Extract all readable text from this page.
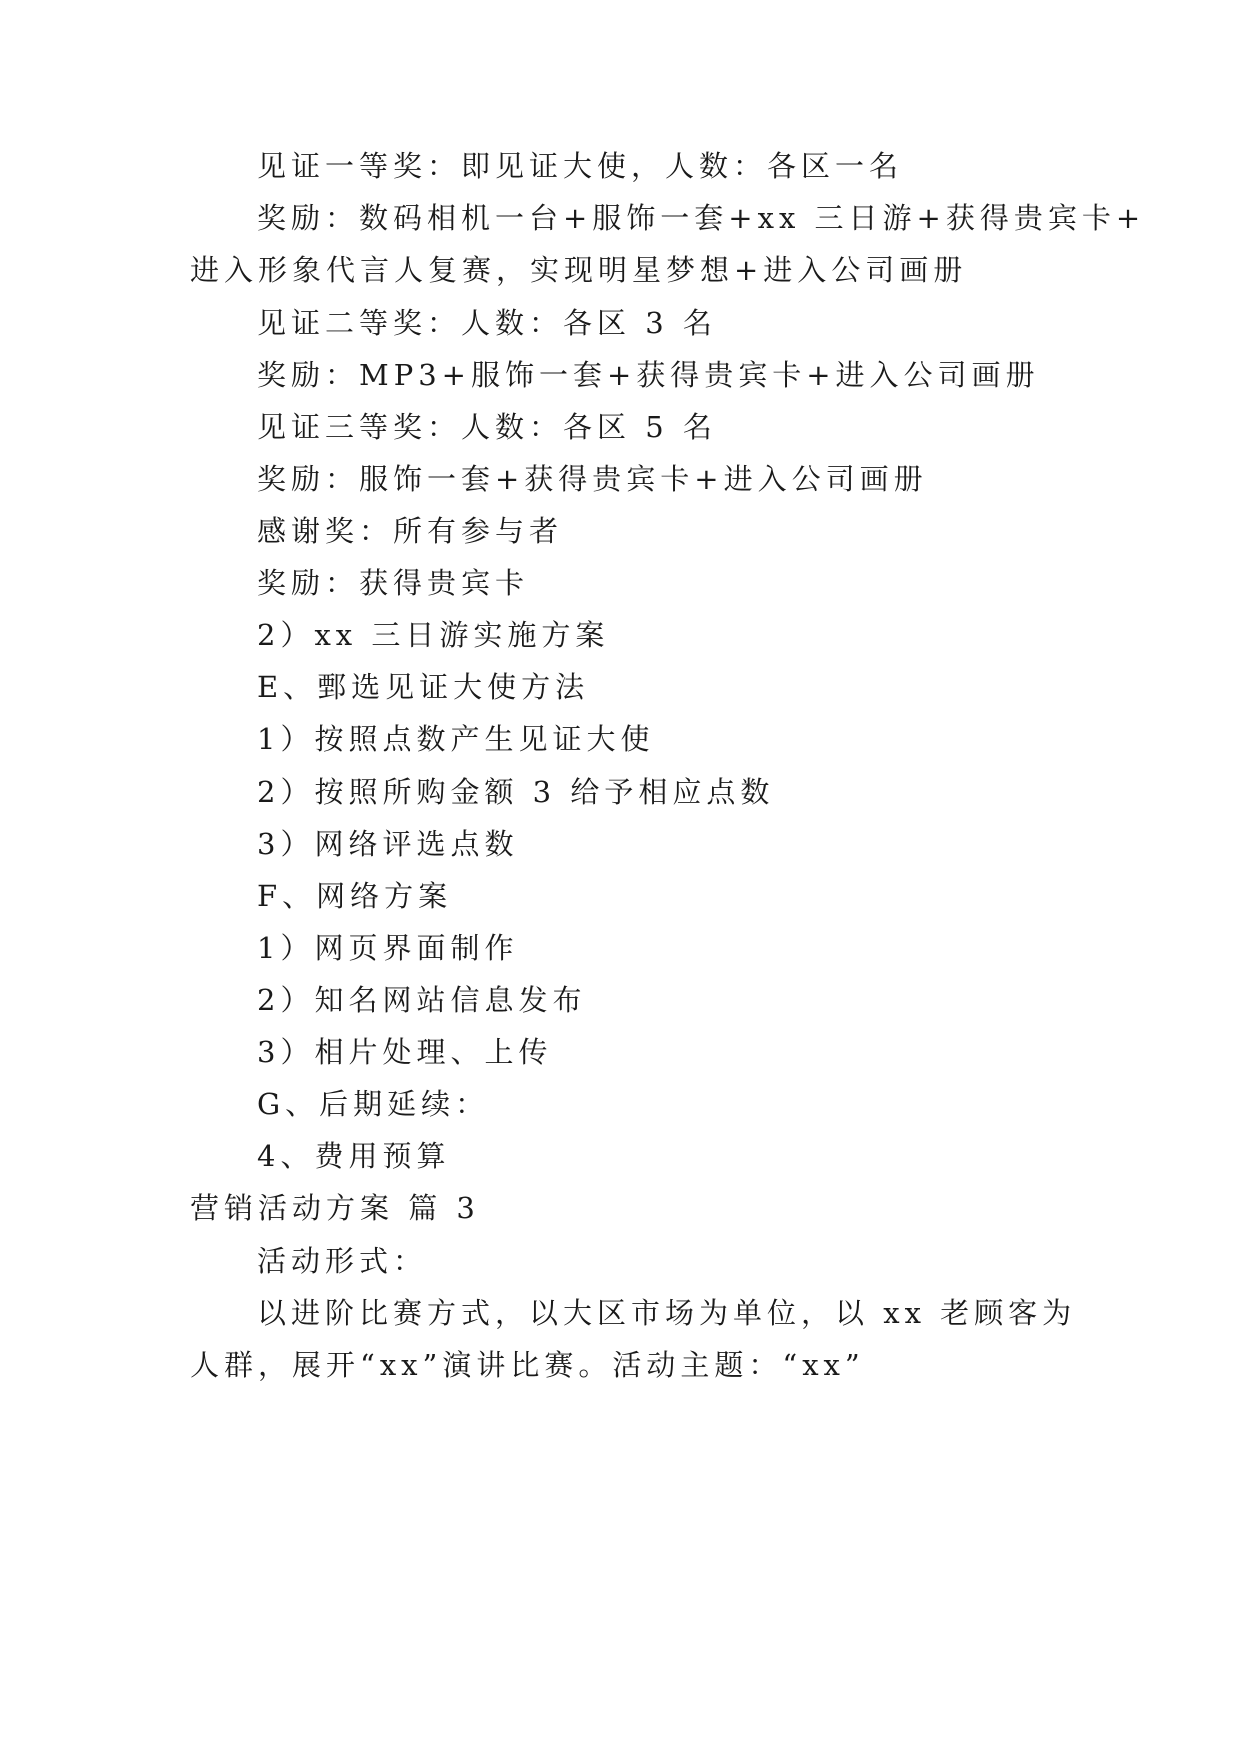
见证一等奖：即见证大使，人数：各区一名
奖励：数码相机一台+服饰一套+xx 三日游+获得贵宾卡+
进入形象代言人复赛，实现明星梦想+进入公司画册
见证二等奖：人数：各区 3 名
奖励：MP3+服饰一套+获得贵宾卡+进入公司画册
见证三等奖：人数：各区 5 名
奖励：服饰一套+获得贵宾卡+进入公司画册
感谢奖：所有参与者
奖励：获得贵宾卡
2）xx 三日游实施方案
E、鄄选见证大使方法
1）按照点数产生见证大使
2）按照所购金额 3 给予相应点数
3）网络评选点数
F、网络方案
1）网页界面制作
2）知名网站信息发布
3）相片处理、上传
G、后期延续：
4、费用预算
营销活动方案 篇 3
活动形式：
以进阶比赛方式，以大区市场为单位，以 xx 老顾客为
人群，展开“xx”演讲比赛。活动主题：“xx”
